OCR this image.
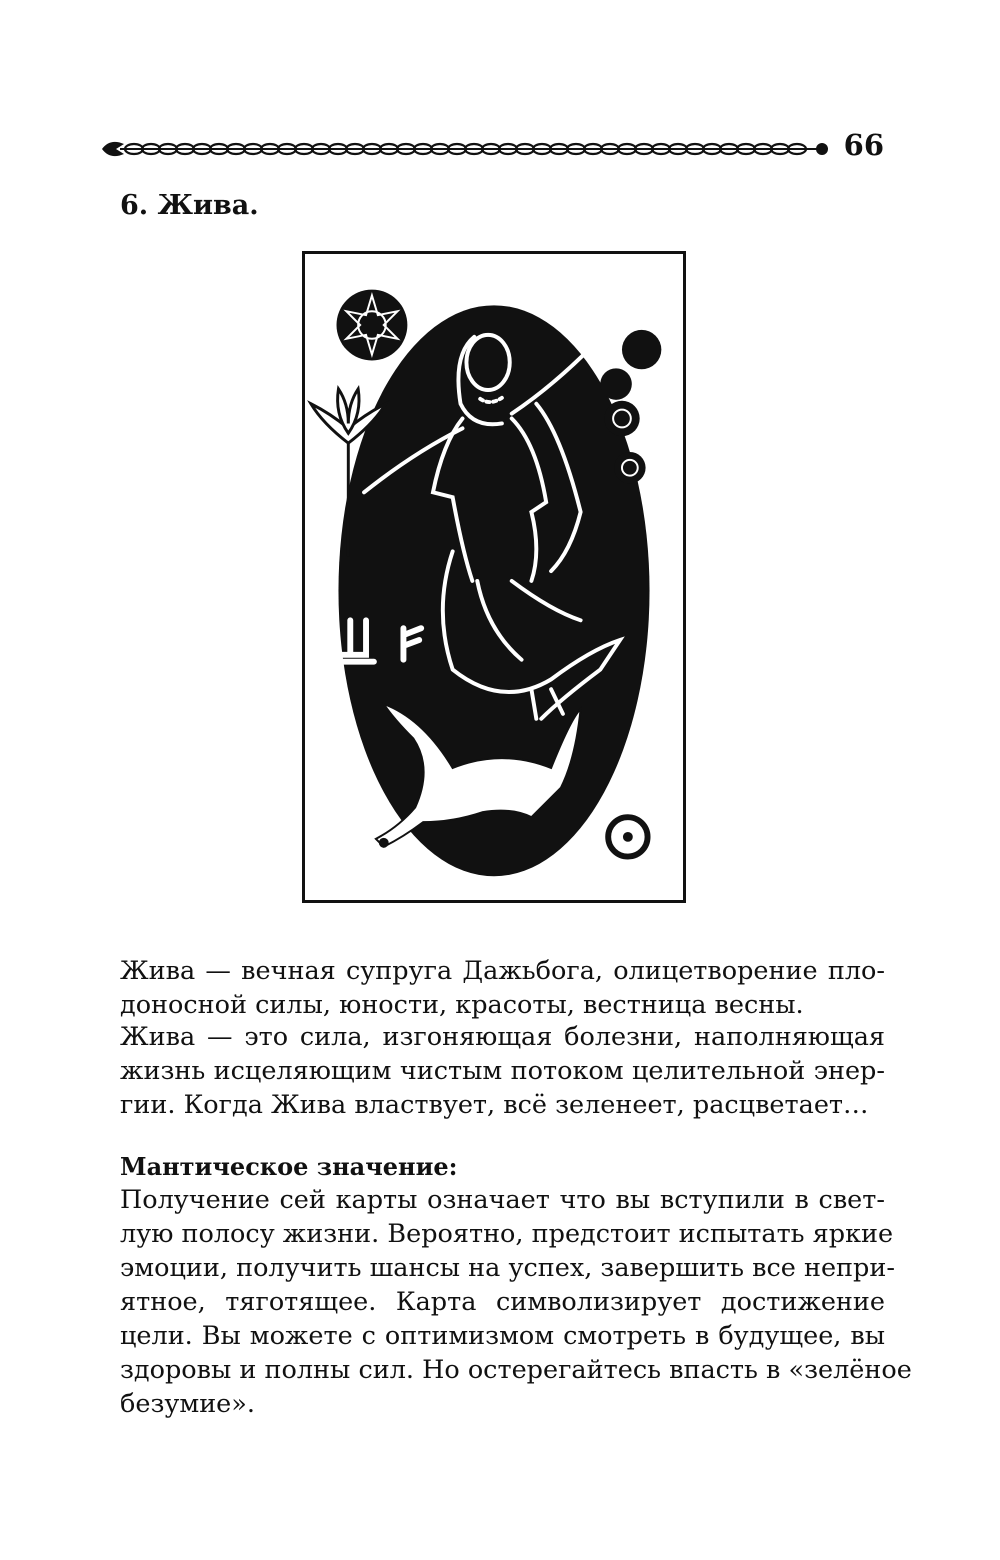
66

6. Жива.
Жива — вечная супруга Дажьбога, олицетворение пло-
доносной силы, юности, красоты, вестница весны.
Жива — это сила, изгоняющая болезни, наполняющая
жизнь исцеляющим чистым потоком целительной энер-
гии. Когда Жива властвует, всё зеленеет, расцветает…
Мантическое значение:
Получение сей карты означает что вы вступили в свет-
лую полосу жизни. Вероятно, предстоит испытать яркие
эмоции, получить шансы на успех, завершить все непри-
ятное, тяготящее. Карта символизирует достижение
цели. Вы можете с оптимизмом смотреть в будущее, вы
здоровы и полны сил. Но остерегайтесь впасть в «зелёное
безумие».
